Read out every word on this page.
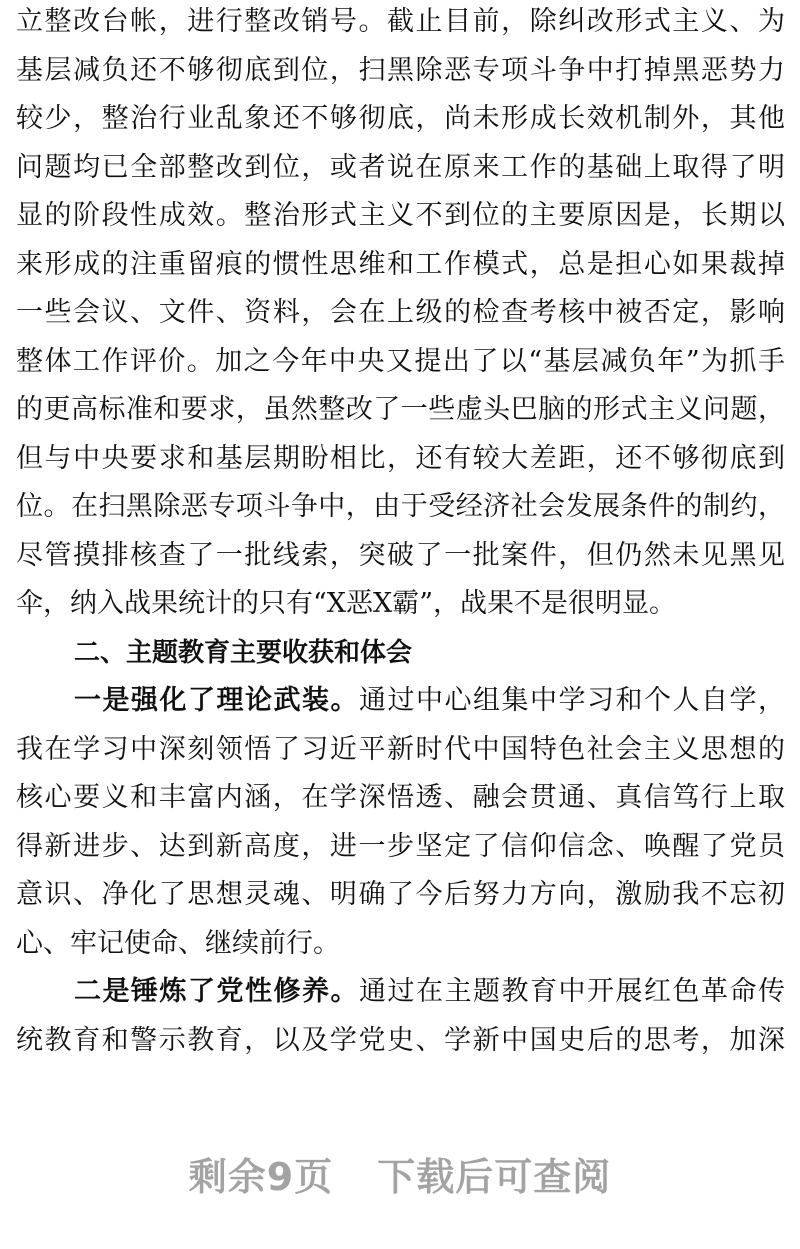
立整改台帐，进行整改销号。截止目前，除纠改形式主义、为
基层减负还不够彻底到位，扫黑除恶专项斗争中打掉黑恶势力
较少，整治行业乱象还不够彻底，尚未形成长效机制外，其他
问题均已全部整改到位，或者说在原来工作的基础上取得了明
显的阶段性成效。整治形式主义不到位的主要原因是，长期以
来形成的注重留痕的惯性思维和工作模式，总是担心如果裁掉
一些会议、文件、资料，会在上级的检查考核中被否定，影响
整体工作评价。加之今年中央又提出了以“基层减负年”为抓手
的更高标准和要求，虽然整改了一些虚头巴脑的形式主义问题，
但与中央要求和基层期盼相比，还有较大差距，还不够彻底到
位。在扫黑除恶专项斗争中，由于受经济社会发展条件的制约，
尽管摸排核查了一批线索，突破了一批案件，但仍然未见黑见
伞，纳入战果统计的只有“X恶X霸”，战果不是很明显。
二、主题教育主要收获和体会
一是强化了理论武装。通过中心组集中学习和个人自学，
我在学习中深刻领悟了习近平新时代中国特色社会主义思想的
核心要义和丰富内涵，在学深悟透、融会贯通、真信笃行上取
得新进步、达到新高度，进一步坚定了信仰信念、唤醒了党员
意识、净化了思想灵魂、明确了今后努力方向，激励我不忘初
心、牢记使命、继续前行。
二是锤炼了党性修养。通过在主题教育中开展红色革命传
统教育和警示教育，以及学党史、学新中国史后的思考，加深
剩余9页 下载后可查阅
